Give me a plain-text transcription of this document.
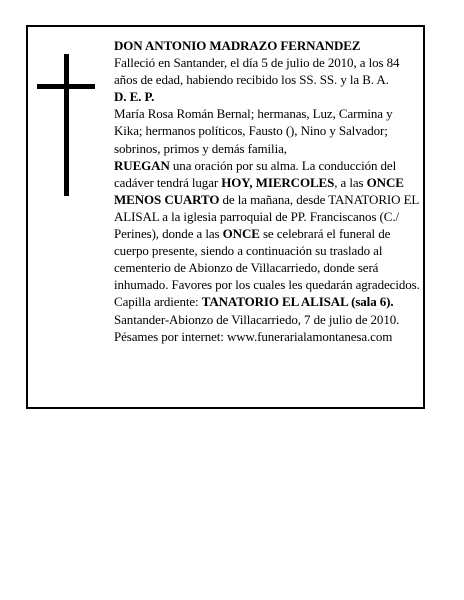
DON ANTONIO MADRAZO FERNANDEZ

Falleció en Santander, el día 5 de julio de 2010, a los 84 años de edad, habiendo recibido los SS. SS. y la B. A.

D. E. P.

María Rosa Román Bernal; hermanas, Luz, Carmina y Kika; hermanos políticos, Fausto (), Nino y Salvador; sobrinos, primos y demás familia,

RUEGAN una oración por su alma. La conducción del cadáver tendrá lugar HOY, MIERCOLES, a las ONCE MENOS CUARTO de la mañana, desde TANATORIO EL ALISAL a la iglesia parroquial de PP. Franciscanos (C./ Perines), donde a las ONCE se celebrará el funeral de cuerpo presente, siendo a continuación su traslado al cementerio de Abionzo de Villacarriedo, donde será inhumado. Favores por los cuales les quedarán agradecidos. Capilla ardiente: TANATORIO EL ALISAL (sala 6).

Santander-Abionzo de Villacarriedo, 7 de julio de 2010.

Pésames por internet: www.funerarialamontanesa.com
